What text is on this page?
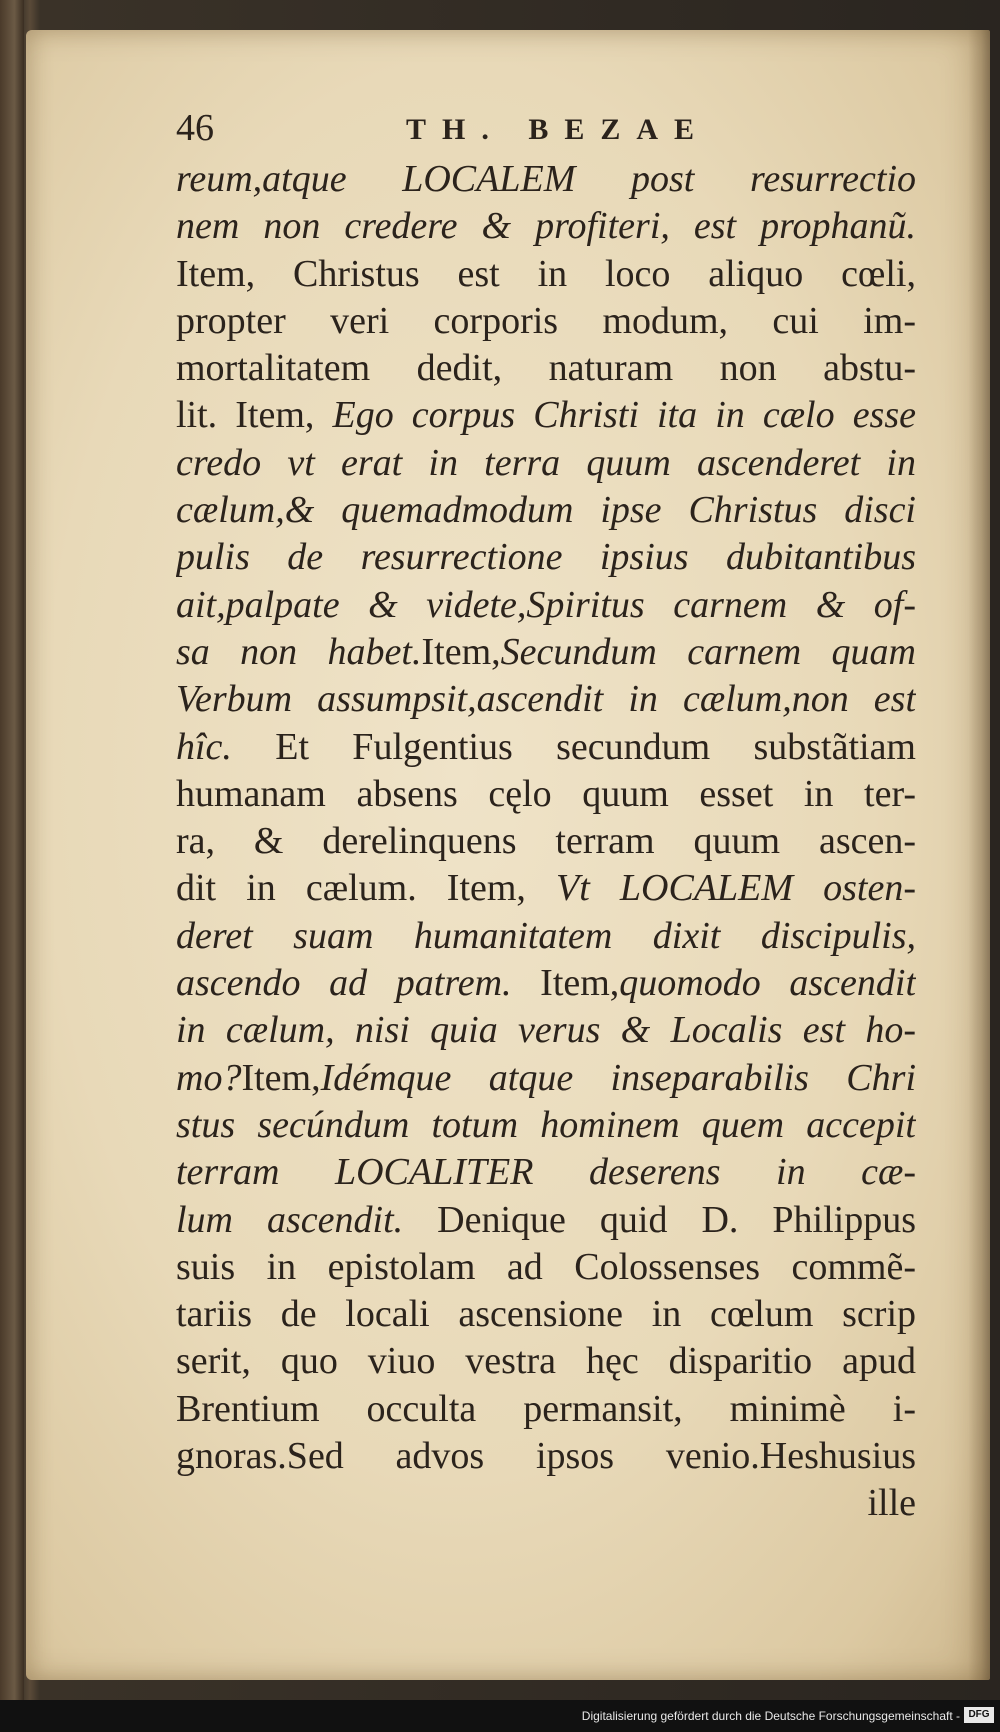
46	TH. BEZAE
reum,atque LOCALEM post resurrectio
nem non credere & profiteri, est prophanũ.
Item, Christus est in loco aliquo cœli,
propter veri corporis modum, cui im-
mortalitatem dedit, naturam non abstu-
lit. Item, Ego corpus Christi ita in cælo esse
credo vt erat in terra quum ascenderet in
cælum,& quemadmodum ipse Christus disci
pulis de resurrectione ipsius dubitantibus
ait,palpate & videte,Spiritus carnem & of-
sa non habet.Item,Secundum carnem quam
Verbum assumpsit,ascendit in cælum,non est
hîc. Et Fulgentius secundum substãtiam
humanam absens cęlo quum esset in ter-
ra, & derelinquens terram quum ascen-
dit in cælum. Item, Vt LOCALEM osten-
deret suam humanitatem dixit discipulis,
ascendo ad patrem. Item,quomodo ascendit
in cælum, nisi quia verus & Localis est ho-
mo?Item,Idémque atque inseparabilis Chri
stus secúndum totum hominem quem accepit
terram LOCALITER deserens in cæ-
lum ascendit. Denique quid D. Philippus
suis in epistolam ad Colossenses commẽ-
tariis de locali ascensione in cœlum scrip
serit, quo viuo vestra hęc disparitio apud
Brentium occulta permansit, minimè i-
gnoras.Sed advos ipsos venio.Heshusius
ille
Digitalisierung gefördert durch die Deutsche Forschungsgemeinschaft - DFG
